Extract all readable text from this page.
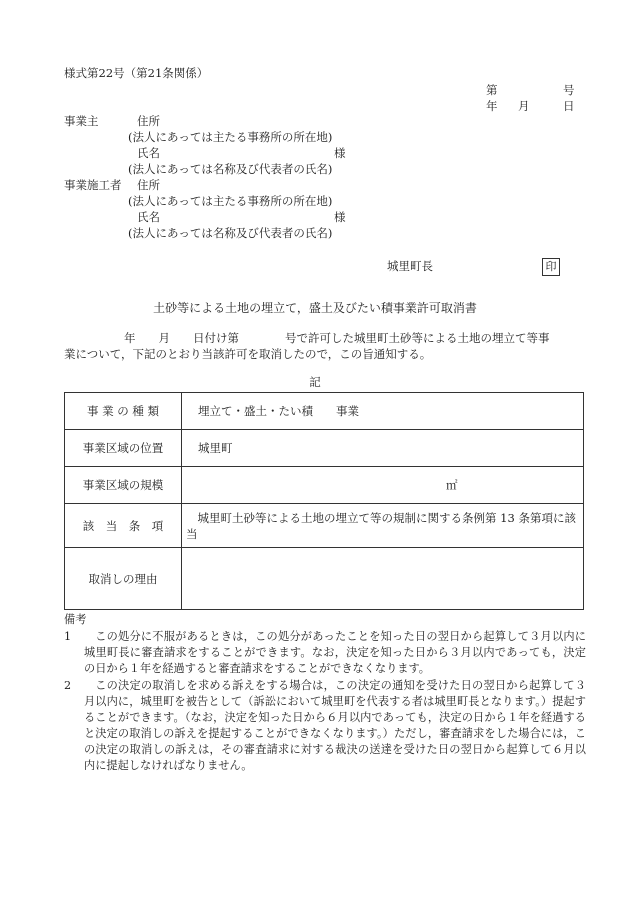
様式第22号（第21条関係）
第	号
年 月	日
事業主	住所
(法人にあっては主たる事務所の所在地)
氏名	様
(法人にあっては名称及び代表者の氏名)
事業施工者 住所
(法人にあっては主たる事務所の所在地)
氏名	様
(法人にあっては名称及び代表者の氏名)
城里町長	印
土砂等による土地の埋立て，盛土及びたい積事業許可取消書
年　　月　　日付け第　　　　号で許可した城里町土砂等による土地の埋立て等事
業について，下記のとおり当該許可を取消したので，この旨通知する。
記
事 業 の 種 類	埋立て・盛土・たい積　　事業
事業区域の位置	城里町
事業区域の規模	㎡
該　当　条　項	城里町土砂等による土地の埋立て等の規制に関する条例第 13 条第項に該当
取消しの理由	
備考
1	この処分に不服があるときは，この処分があったことを知った日の翌日から起算して３月以内に城里町長に審査請求をすることができます。なお，決定を知った日から３月以内であっても，決定の日から１年を経過すると審査請求をすることができなくなります。
2	この決定の取消しを求める訴えをする場合は，この決定の通知を受けた日の翌日から起算して３月以内に，城里町を被告として（訴訟において城里町を代表する者は城里町長となります。）提起することができます。（なお，決定を知った日から６月以内であっても，決定の日から１年を経過すると決定の取消しの訴えを提起することができなくなります。）ただし，審査請求をした場合には，この決定の取消しの訴えは，その審査請求に対する裁決の送達を受けた日の翌日から起算して６月以内に提起しなければなりません。
